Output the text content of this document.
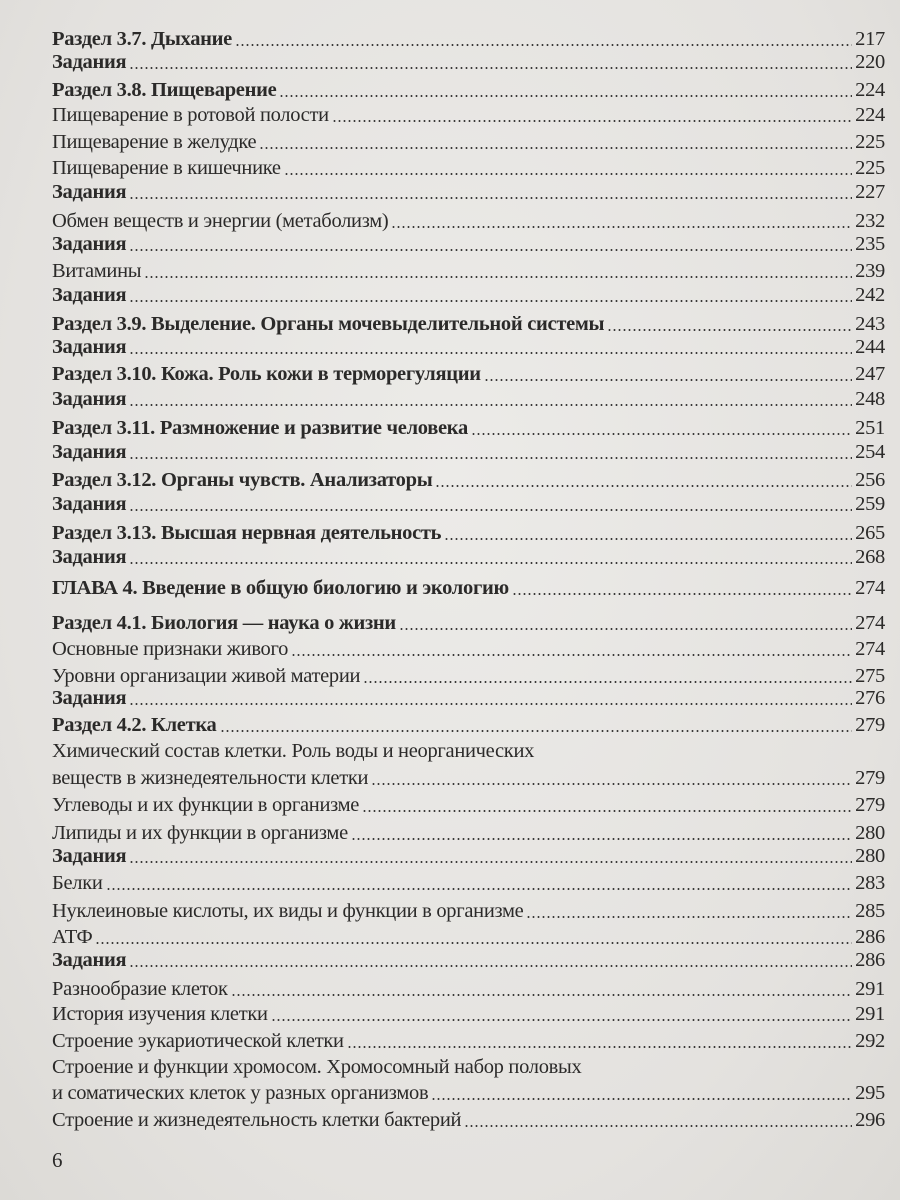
Раздел 3.7. Дыхание	217
Задания	220
Раздел 3.8. Пищеварение	224
Пищеварение в ротовой полости	224
Пищеварение в желудке	225
Пищеварение в кишечнике	225
Задания	227
Обмен веществ и энергии (метаболизм)	232
Задания	235
Витамины	239
Задания	242
Раздел 3.9. Выделение. Органы мочевыделительной системы	243
Задания	244
Раздел 3.10. Кожа. Роль кожи в терморегуляции	247
Задания	248
Раздел 3.11. Размножение и развитие человека	251
Задания	254
Раздел 3.12. Органы чувств. Анализаторы	256
Задания	259
Раздел 3.13. Высшая нервная деятельность	265
Задания	268
ГЛАВА 4. Введение в общую биологию и экологию	274
Раздел 4.1. Биология — наука о жизни	274
Основные признаки живого	274
Уровни организации живой материи	275
Задания	276
Раздел 4.2. Клетка	279
Химический состав клетки. Роль воды и неорганических
веществ в жизнедеятельности клетки	279
Углеводы и их функции в организме	279
Липиды и их функции в организме	280
Задания	280
Белки	283
Нуклеиновые кислоты, их виды и функции в организме	285
АТФ	286
Задания	286
Разнообразие клеток	291
История изучения клетки	291
Строение эукариотической клетки	292
Строение и функции хромосом. Хромосомный набор половых
и соматических клеток у разных организмов	295
Строение и жизнедеятельность клетки бактерий	296
6
